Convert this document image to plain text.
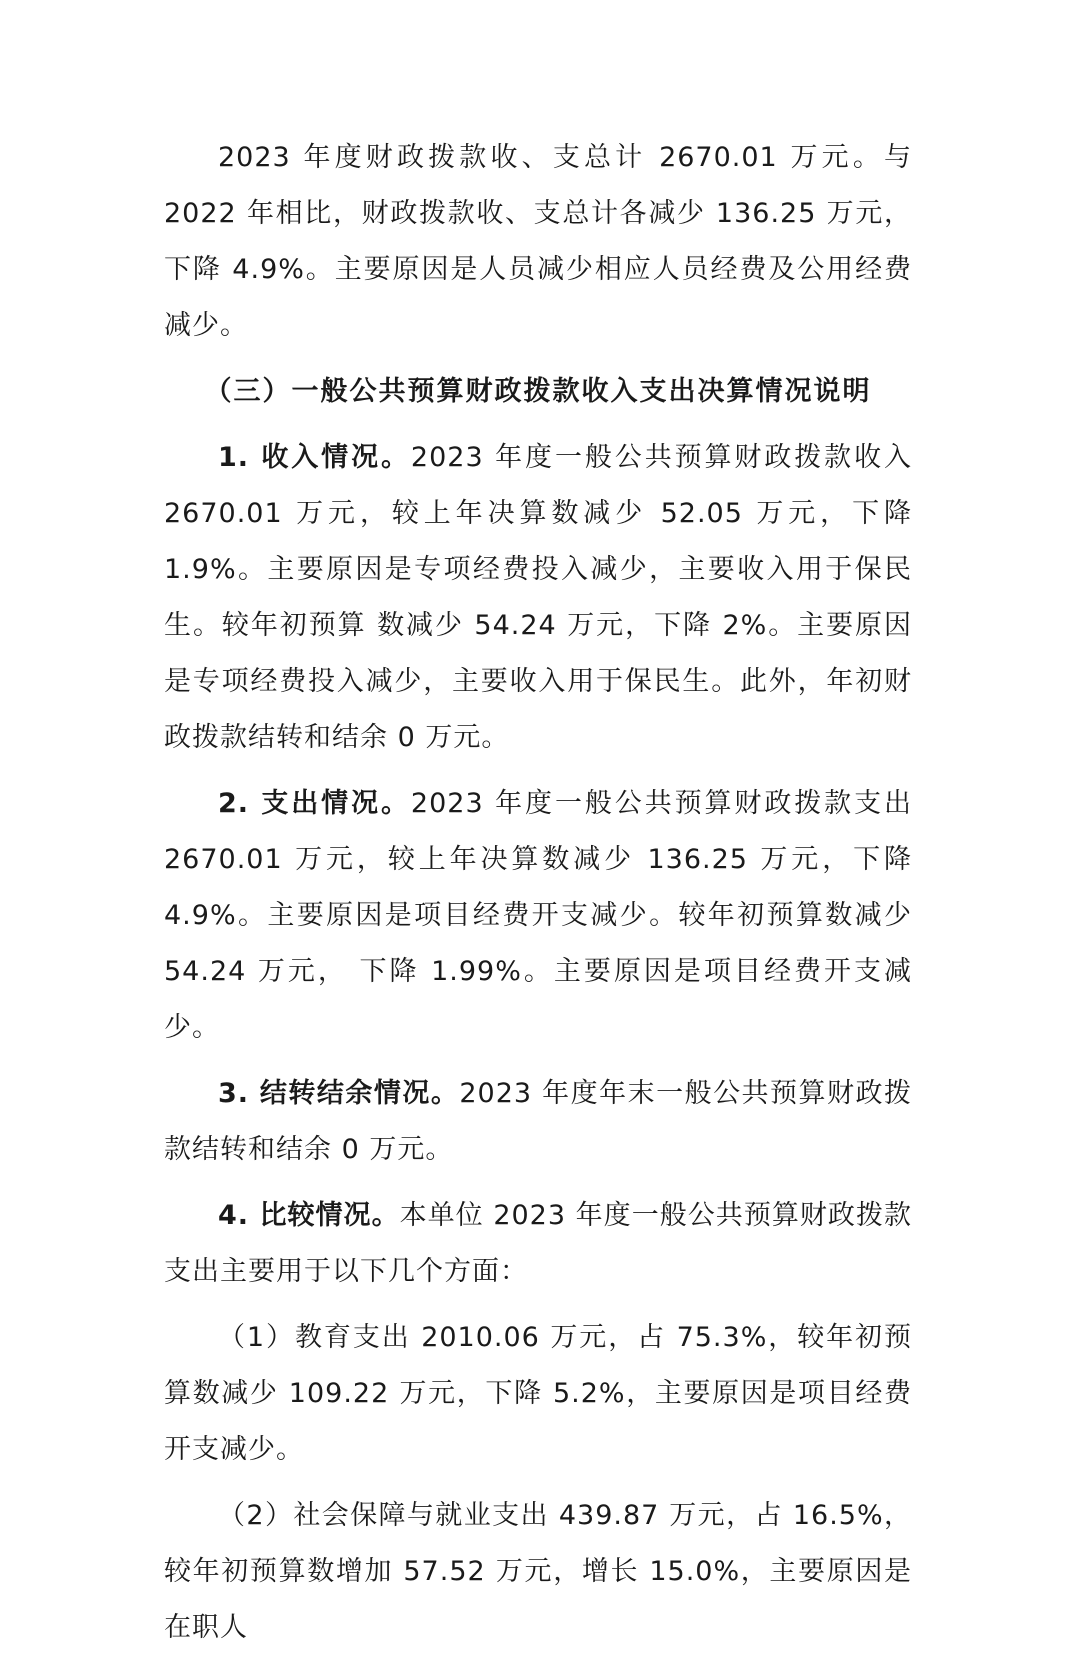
2023 年度财政拨款收、支总计 2670.01 万元。与 2022 年相比，财政拨款收、支总计各减少 136.25 万元，下降 4.9%。主要原因是人员减少相应人员经费及公用经费减少。

（三）一般公共预算财政拨款收入支出决算情况说明

1. 收入情况。2023 年度一般公共预算财政拨款收入 2670.01 万元，较上年决算数减少 52.05 万元，下降 1.9%。主要原因是专项经费投入减少，主要收入用于保民生。较年初预算 数减少 54.24 万元，下降 2%。主要原因是专项经费投入减少，主要收入用于保民生。此外，年初财政拨款结转和结余 0 万元。

2. 支出情况。2023 年度一般公共预算财政拨款支出 2670.01 万元，较上年决算数减少 136.25 万元，下降 4.9%。主要原因是项目经费开支减少。较年初预算数减少 54.24 万元， 下降 1.99%。主要原因是项目经费开支减少。

3. 结转结余情况。2023 年度年末一般公共预算财政拨款结转和结余 0 万元。

4. 比较情况。本单位 2023 年度一般公共预算财政拨款支出主要用于以下几个方面：

（1）教育支出 2010.06 万元，占 75.3%，较年初预算数减少 109.22 万元，下降 5.2%，主要原因是项目经费开支减少。

（2）社会保障与就业支出 439.87 万元，占 16.5%，较年初预算数增加 57.52 万元，增长 15.0%，主要原因是在职人
